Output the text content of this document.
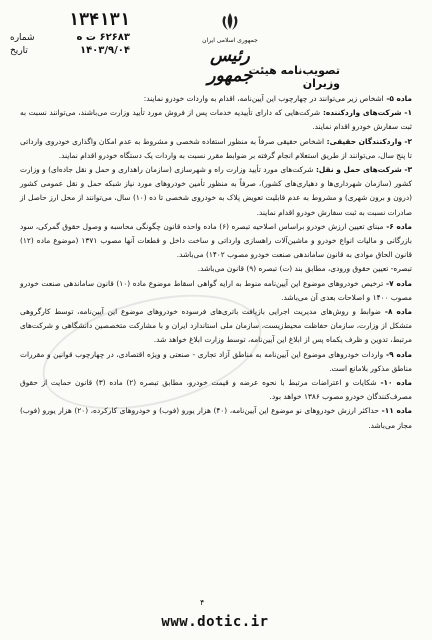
۱۳۴۱۳۱
۶۲۶۸۳ ت ه
شماره
۱۴۰۳/۹/۰۴
تاریخ
جمهوری اسلامی ایران
رئیس جمهور
تصویب‌نامه هیئت وزیران

ماده ۵- اشخاص زیر می‌توانند در چهارچوب این آیین‌نامه، اقدام به واردات خودرو نمایند:

۱- شرکت‌های واردکننده: شرکت‌هایی که دارای تأییدیه خدمات پس از فروش مورد تأیید وزارت می‌باشند، می‌توانند نسبت به ثبت سفارش خودرو اقدام نمایند.

۲- واردکنندگان حقیقی: اشخاص حقیقی صرفاً به منظور استفاده شخصی و مشروط به عدم امکان واگذاری خودروی وارداتی تا پنج سال، می‌توانند از طریق استعلام انجام گرفته بر ضوابط مقرر نسبت به واردات یک دستگاه خودرو اقدام نمایند.

۳- شرکت‌های حمل و نقل: شرکت‌های مورد تأیید وزارت راه و شهرسازی (سازمان راهداری و حمل و نقل جاده‌ای) و وزارت کشور (سازمان شهرداری‌ها و دهیاری‌های کشور)، صرفاً به منظور تأمین خودروهای مورد نیاز شبکه حمل و نقل عمومی کشور (درون و برون شهری) و مشروط به عدم قابلیت تعویض پلاک به خودروی شخصی تا ده (۱۰) سال، می‌توانند از محل ارز حاصل از صادرات نسبت به ثبت سفارش خودرو اقدام نمایند.

ماده ۶- مبنای تعیین ارزش خودرو براساس اصلاحیه تبصره (۶) ماده واحده قانون چگونگی محاسبه و وصول حقوق گمرکی، سود بازرگانی و مالیات انواع خودرو و ماشین‌آلات راهسازی وارداتی و ساخت داخل و قطعات آنها مصوب ۱۳۷۱ (موضوع ماده (۱۲) قانون الحاق موادی به قانون ساماندهی صنعت خودرو مصوب ۱۴۰۲) می‌باشد.

تبصره- تعیین حقوق ورودی، مطابق بند (ت) تبصره (۹) قانون می‌باشد.

ماده ۷- ترخیص خودروهای موضوع این آیین‌نامه منوط به ارایه گواهی اسقاط موضوع ماده (۱۰) قانون ساماندهی صنعت خودرو مصوب ۱۴۰۰ و اصلاحات بعدی آن می‌باشد.

ماده ۸- ضوابط و روش‌های مدیریت اجرایی بازیافت باتری‌های فرسوده خودروهای موضوع این آیین‌نامه، توسط کارگروهی متشکل از وزارت، سازمان حفاظت محیط‌زیست، سازمان ملی استاندارد ایران و با مشارکت متخصصین دانشگاهی و شرکت‌های مرتبط، تدوین و ظرف یکماه پس از ابلاغ این آیین‌نامه، توسط وزارت ابلاغ خواهد شد.

ماده ۹- واردات خودروهای موضوع این آیین‌نامه به مناطق آزاد تجاری - صنعتی و ویژه اقتصادی، در چهارچوب قوانین و مقررات مناطق مذکور بلامانع است.

ماده ۱۰- شکایات و اعتراضات مرتبط با نحوه عرضه و قیمت خودرو، مطابق تبصره (۲) ماده (۳) قانون حمایت از حقوق مصرف‌کنندگان خودرو مصوب ۱۳۸۶ خواهد بود.

ماده ۱۱- حداکثر ارزش خودروهای نو موضوع این آیین‌نامه، (۴۰) هزار یورو (فوب) و خودروهای کارکرده، (۲۰) هزار یورو (فوب) مجاز می‌باشد.

۴
www.dotic.ir
